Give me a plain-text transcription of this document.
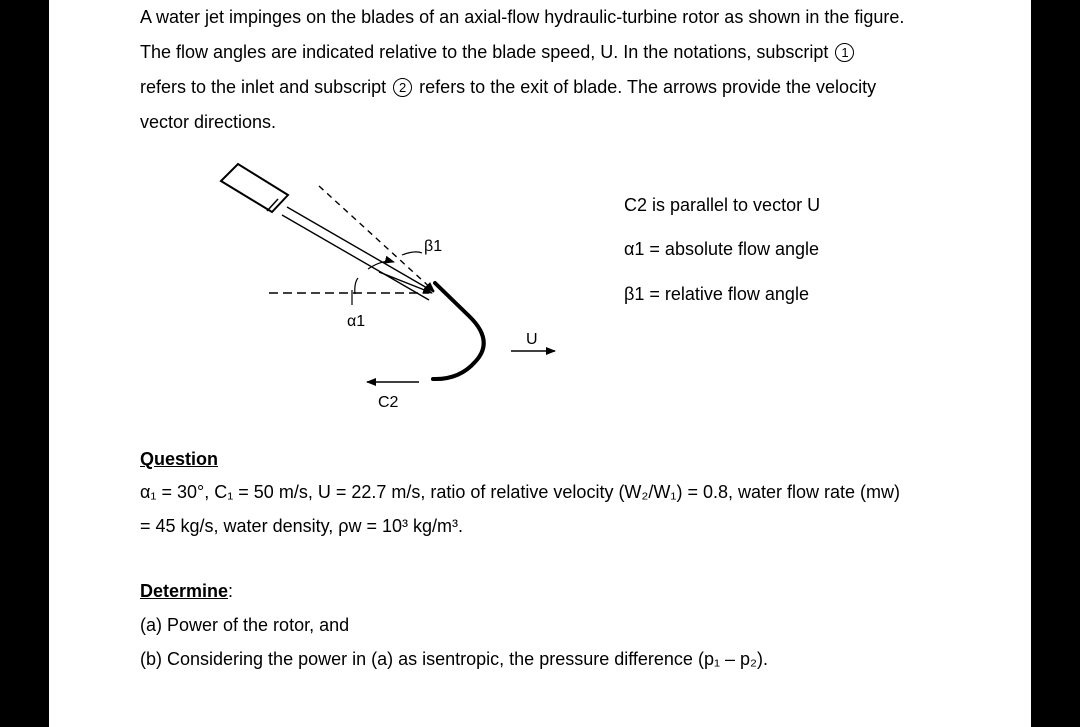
A water jet impinges on the blades of an axial-flow hydraulic-turbine rotor as shown in the figure.
The flow angles are indicated relative to the blade speed, U. In the notations, subscript 1
refers to the inlet and subscript 2 refers to the exit of blade. The arrows provide the velocity
vector directions.

β1
α1
U
C2
C2 is parallel to vector U
α1 = absolute flow angle
β1 = relative flow angle
Question
α₁ = 30°, C₁ = 50 m/s, U = 22.7 m/s, ratio of relative velocity (W₂/W₁) = 0.8, water flow rate (mw)
= 45 kg/s, water density, ρw = 10³ kg/m³.
Determine:
(a) Power of the rotor, and
(b) Considering the power in (a) as isentropic, the pressure difference (p₁ – p₂).
